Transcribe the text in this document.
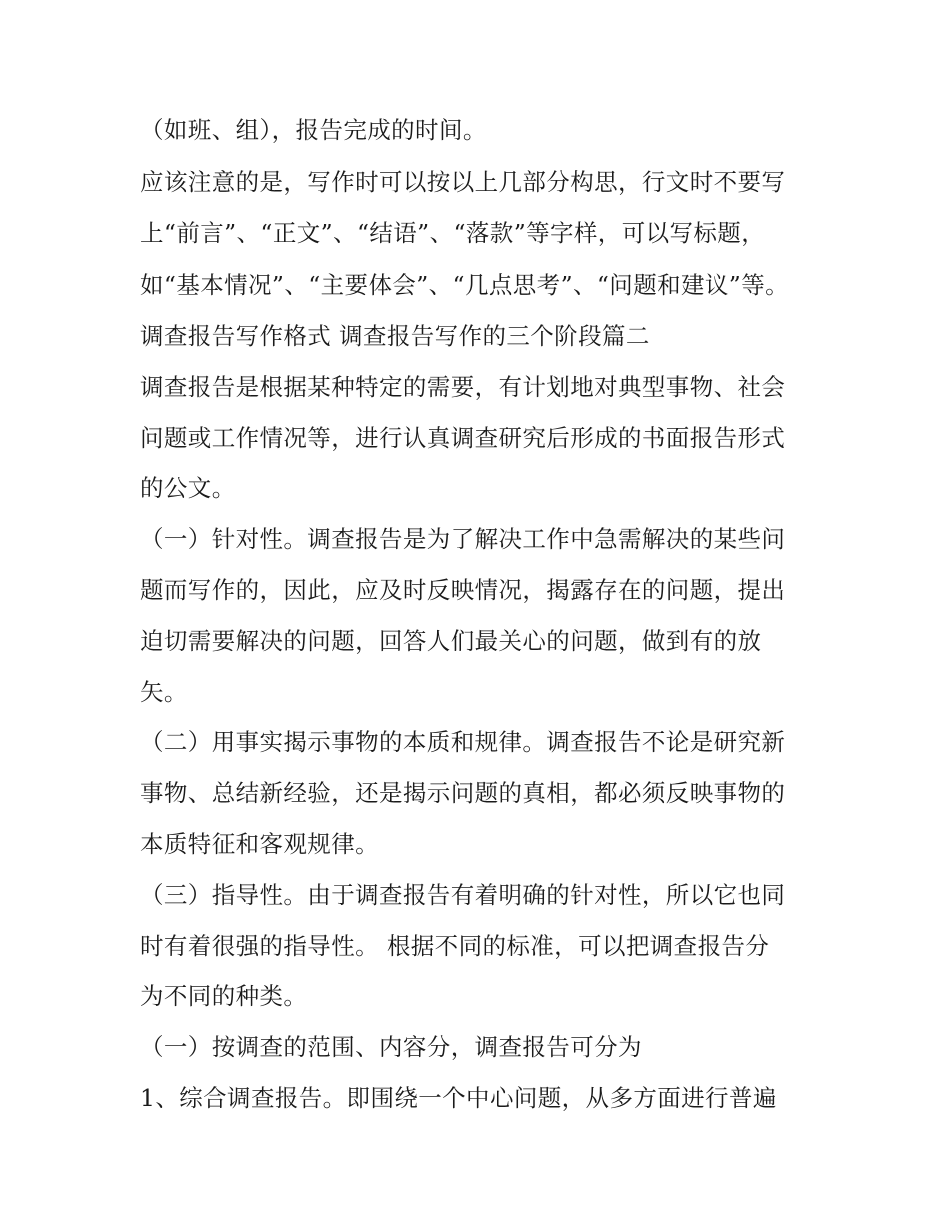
（如班、组），报告完成的时间。
应该注意的是，写作时可以按以上几部分构思，行文时不要写
上“前言”、“正文”、“结语”、“落款”等字样，可以写标题，
如“基本情况”、“主要体会”、“几点思考”、“问题和建议”等。
调查报告写作格式 调查报告写作的三个阶段篇二
调查报告是根据某种特定的需要，有计划地对典型事物、社会
问题或工作情况等，进行认真调查研究后形成的书面报告形式
的公文。
（一）针对性。调查报告是为了解决工作中急需解决的某些问
题而写作的，因此，应及时反映情况，揭露存在的问题，提出
迫切需要解决的问题，回答人们最关心的问题，做到有的放
矢。
（二）用事实揭示事物的本质和规律。调查报告不论是研究新
事物、总结新经验，还是揭示问题的真相，都必须反映事物的
本质特征和客观规律。
（三）指导性。由于调查报告有着明确的针对性，所以它也同
时有着很强的指导性。 根据不同的标准，可以把调查报告分
为不同的种类。
（一）按调查的范围、内容分，调查报告可分为
1、综合调查报告。即围绕一个中心问题，从多方面进行普遍
